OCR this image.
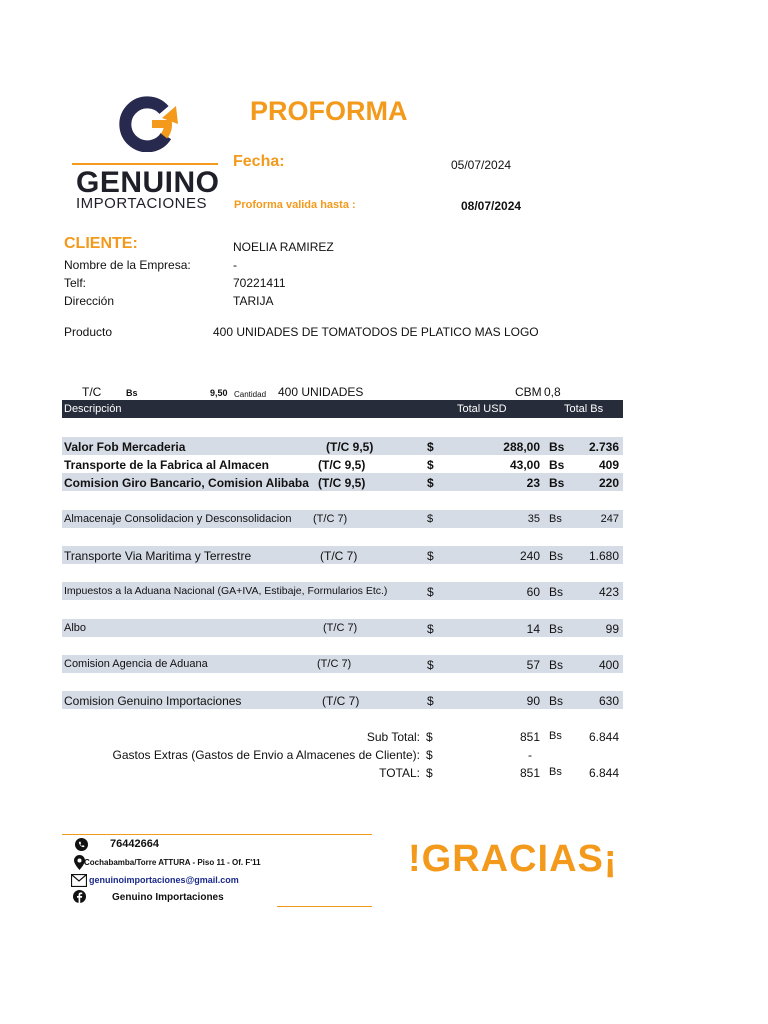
GENUINO
IMPORTACIONES
PROFORMA
Fecha:	05/07/2024
Proforma valida hasta :	08/07/2024
CLIENTE:	NOELIA RAMIREZ
Nombre de la Empresa:	-
Telf:	70221411
Dirección	TARIJA
Producto	400 UNIDADES DE TOMATODOS DE PLATICO MAS LOGO
T/C	Bs	9,50 Cantidad 400 UNIDADES	CBM 0,8
Descripción	Total USD	Total Bs
Valor Fob Mercaderia	(T/C 9,5)	$	288,00 Bs	2.736
Transporte de la Fabrica al Almacen	(T/C 9,5)	$	43,00 Bs	409
Comision Giro Bancario, Comision Alibaba (T/C 9,5)	$	23 Bs	220
Almacenaje Consolidacion y Desconsolidacion (T/C 7)	$	35 Bs	247
Transporte Via Maritima y Terrestre	(T/C 7)	$	240 Bs	1.680
Impuestos a la Aduana Nacional (GA+IVA, Estibaje, Formularios Etc.)	$	60 Bs	423
Albo	(T/C 7)	$	14 Bs	99
Comision Agencia de Aduana	(T/C 7)	$	57 Bs	400
Comision Genuino Importaciones	(T/C 7)	$	90 Bs	630
Sub Total: $	851 Bs	6.844
Gastos Extras (Gastos de Envio a Almacenes de Cliente): $	-
TOTAL: $	851 Bs	6.844
76442664
Cochabamba/Torre ATTURA - Piso 11 - Of. F'11
genuinoimportaciones@gmail.com
Genuino Importaciones
!GRACIAS¡
